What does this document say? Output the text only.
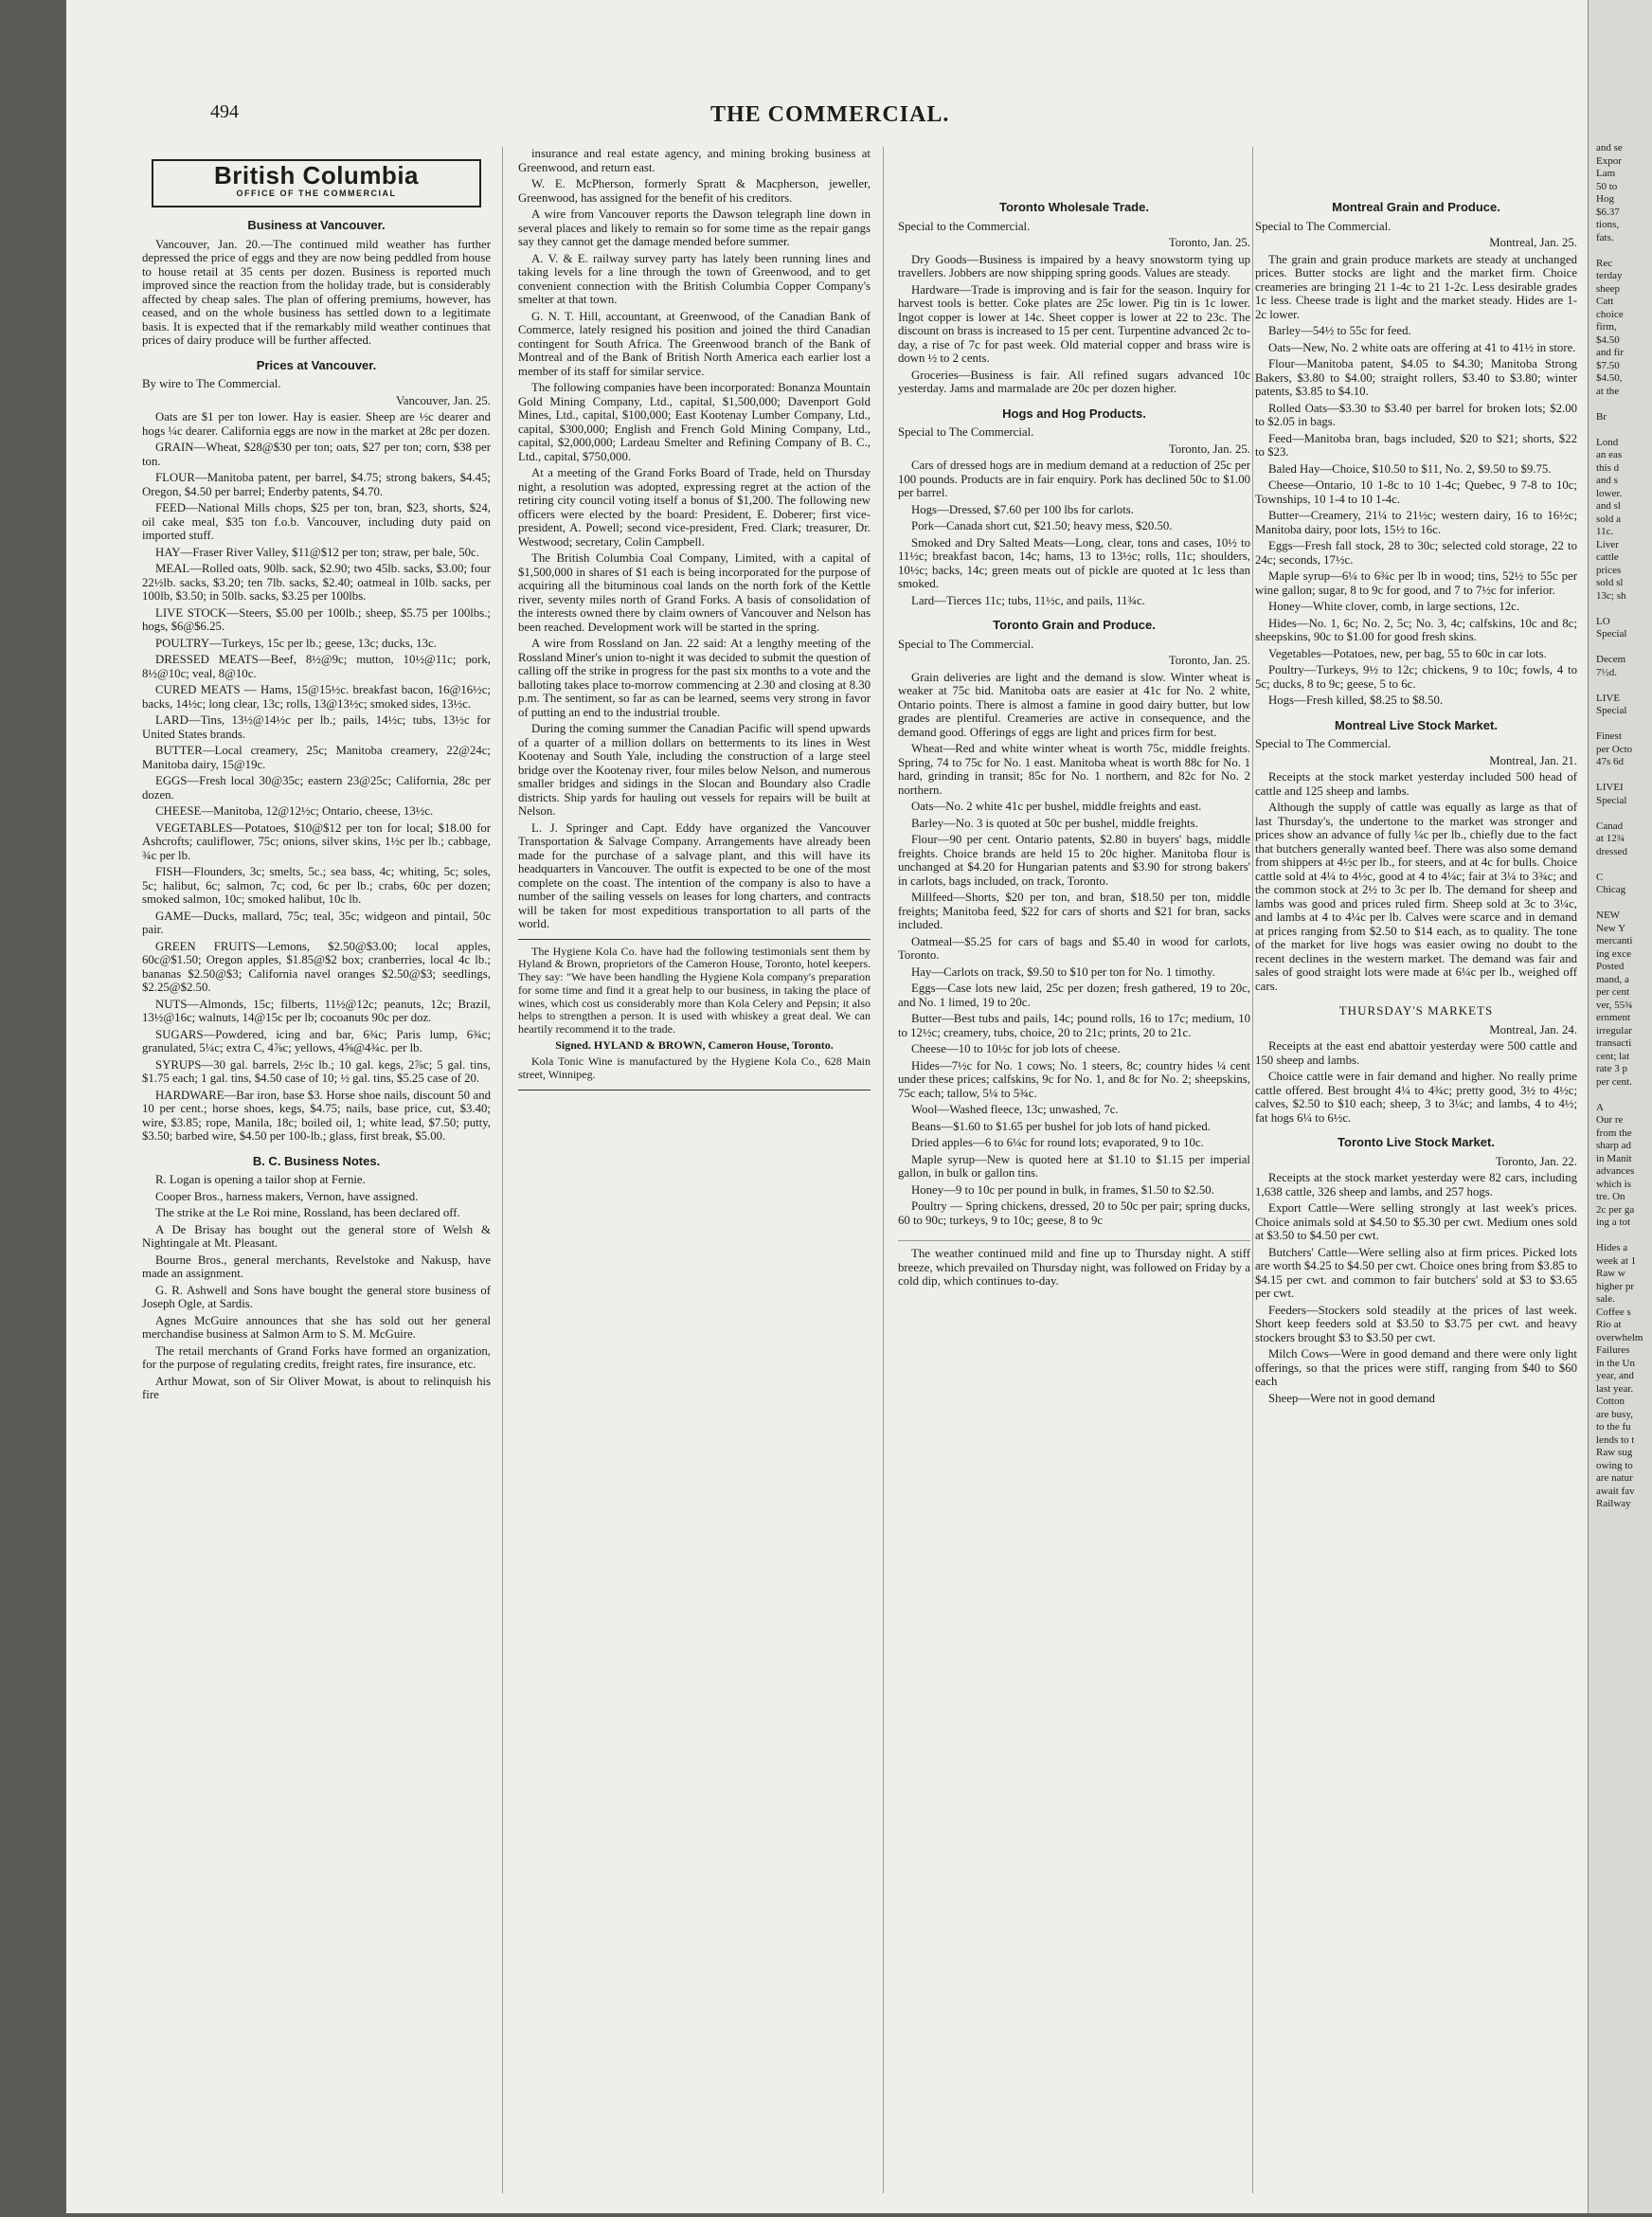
494	THE COMMERCIAL.
British Columbia
OFFICE OF THE COMMERCIAL
Business at Vancouver.

Vancouver, Jan. 20.—The continued mild weather has further depressed the price of eggs and they are now being peddled from house to house retail at 35 cents per dozen. Business is reported much improved since the reaction from the holiday trade, but is considerably affected by cheap sales. The plan of offering premiums, however, has ceased, and on the whole business has settled down to a legitimate basis. It is expected that if the remarkably mild weather continues that prices of dairy produce will be further affected.

Prices at Vancouver.

By wire to The Commercial.

Vancouver, Jan. 25.

Oats are $1 per ton lower. Hay is easier. Sheep are ½c dearer and hogs ¼c dearer. California eggs are now in the market at 28c per dozen.

GRAIN—Wheat, $28@$30 per ton; oats, $27 per ton; corn, $38 per ton.

FLOUR—Manitoba patent, per barrel, $4.75; strong bakers, $4.45; Oregon, $4.50 per barrel; Enderby patents, $4.70.

FEED—National Mills chops, $25 per ton, bran, $23, shorts, $24, oil cake meal, $35 ton f.o.b. Vancouver, including duty paid on imported stuff.

HAY—Fraser River Valley, $11@$12 per ton; straw, per bale, 50c.

MEAL—Rolled oats, 90lb. sack, $2.90; two 45lb. sacks, $3.00; four 22½lb. sacks, $3.20; ten 7lb. sacks, $2.40; oatmeal in 10lb. sacks, per 100lb, $3.50; in 50lb. sacks, $3.25 per 100lbs.

LIVE STOCK—Steers, $5.00 per 100lb.; sheep, $5.75 per 100lbs.; hogs, $6@$6.25.

POULTRY—Turkeys, 15c per lb.; geese, 13c; ducks, 13c.

DRESSED MEATS—Beef, 8½@9c; mutton, 10½@11c; pork, 8½@10c; veal, 8@10c.

CURED MEATS — Hams, 15@15½c. breakfast bacon, 16@16½c; backs, 14½c; long clear, 13c; rolls, 13@13½c; smoked sides, 13½c.

LARD—Tins, 13½@14½c per lb.; pails, 14½c; tubs, 13½c for United States brands.

BUTTER—Local creamery, 25c; Manitoba creamery, 22@24c; Manitoba dairy, 15@19c.

EGGS—Fresh local 30@35c; eastern 23@25c; California, 28c per dozen.

CHEESE—Manitoba, 12@12½c; Ontario, cheese, 13½c.

VEGETABLES—Potatoes, $10@$12 per ton for local; $18.00 for Ashcrofts; cauliflower, 75c; onions, silver skins, 1½c per lb.; cabbage, ¾c per lb.

FISH—Flounders, 3c; smelts, 5c.; sea bass, 4c; whiting, 5c; soles, 5c; halibut, 6c; salmon, 7c; cod, 6c per lb.; crabs, 60c per dozen; smoked salmon, 10c; smoked halibut, 10c lb.

GAME—Ducks, mallard, 75c; teal, 35c; widgeon and pintail, 50c pair.

GREEN FRUITS—Lemons, $2.50@$3.00; local apples, 60c@$1.50; Oregon apples, $1.85@$2 box; cranberries, local 4c lb.; bananas $2.50@$3; California navel oranges $2.50@$3; seedlings, $2.25@$2.50.

NUTS—Almonds, 15c; filberts, 11½@12c; peanuts, 12c; Brazil, 13½@16c; walnuts, 14@15c per lb; cocoanuts 90c per doz.

SUGARS—Powdered, icing and bar, 6¾c; Paris lump, 6¾c; granulated, 5¼c; extra C, 4⅞c; yellows, 4⅝@4¾c. per lb.

SYRUPS—30 gal. barrels, 2½c lb.; 10 gal. kegs, 2⅞c; 5 gal. tins, $1.75 each; 1 gal. tins, $4.50 case of 10; ½ gal. tins, $5.25 case of 20.

HARDWARE—Bar iron, base $3. Horse shoe nails, discount 50 and 10 per cent.; horse shoes, kegs, $4.75; nails, base price, cut, $3.40; wire, $3.85; rope, Manila, 18c; boiled oil, 1; white lead, $7.50; putty, $3.50; barbed wire, $4.50 per 100-lb.; glass, first break, $5.00.

B. C. Business Notes.

R. Logan is opening a tailor shop at Fernie.

Cooper Bros., harness makers, Vernon, have assigned.

The strike at the Le Roi mine, Rossland, has been declared off.

A De Brisay has bought out the general store of Welsh & Nightingale at Mt. Pleasant.

Bourne Bros., general merchants, Revelstoke and Nakusp, have made an assignment.

G. R. Ashwell and Sons have bought the general store business of Joseph Ogle, at Sardis.

Agnes McGuire announces that she has sold out her general merchandise business at Salmon Arm to S. M. McGuire.

The retail merchants of Grand Forks have formed an organization, for the purpose of regulating credits, freight rates, fire insurance, etc.

Arthur Mowat, son of Sir Oliver Mowat, is about to relinquish his fire

insurance and real estate agency, and mining broking business at Greenwood, and return east.

W. E. McPherson, formerly Spratt & Macpherson, jeweller, Greenwood, has assigned for the benefit of his creditors.

A wire from Vancouver reports the Dawson telegraph line down in several places and likely to remain so for some time as the repair gangs say they cannot get the damage mended before summer.

A. V. & E. railway survey party has lately been running lines and taking levels for a line through the town of Greenwood, and to get convenient connection with the British Columbia Copper Company's smelter at that town.

G. N. T. Hill, accountant, at Greenwood, of the Canadian Bank of Commerce, lately resigned his position and joined the third Canadian contingent for South Africa. The Greenwood branch of the Bank of Montreal and of the Bank of British North America each earlier lost a member of its staff for similar service.

The following companies have been incorporated: Bonanza Mountain Gold Mining Company, Ltd., capital, $1,500,000; Davenport Gold Mines, Ltd., capital, $100,000; East Kootenay Lumber Company, Ltd., capital, $300,000; English and French Gold Mining Company, Ltd., capital, $2,000,000; Lardeau Smelter and Refining Company of B. C., Ltd., capital, $750,000.

At a meeting of the Grand Forks Board of Trade, held on Thursday night, a resolution was adopted, expressing regret at the action of the retiring city council voting itself a bonus of $1,200. The following new officers were elected by the board: President, E. Doberer; first vice-president, A. Powell; second vice-president, Fred. Clark; treasurer, Dr. Westwood; secretary, Colin Campbell.

The British Columbia Coal Company, Limited, with a capital of $1,500,000 in shares of $1 each is being incorporated for the purpose of acquiring all the bituminous coal lands on the north fork of the Kettle river, seventy miles north of Grand Forks. A basis of consolidation of the interests owned there by claim owners of Vancouver and Nelson has been reached. Development work will be started in the spring.

A wire from Rossland on Jan. 22 said: At a lengthy meeting of the Rossland Miner's union to-night it was decided to submit the question of calling off the strike in progress for the past six months to a vote and the balloting takes place to-morrow commencing at 2.30 and closing at 8.30 p.m. The sentiment, so far as can be learned, seems very strong in favor of putting an end to the industrial trouble.

During the coming summer the Canadian Pacific will spend upwards of a quarter of a million dollars on betterments to its lines in West Kootenay and South Yale, including the construction of a large steel bridge over the Kootenay river, four miles below Nelson, and numerous smaller bridges and sidings in the Slocan and Boundary also Cradle districts. Ship yards for hauling out vessels for repairs will be built at Nelson.

L. J. Springer and Capt. Eddy have organized the Vancouver Transportation & Salvage Company. Arrangements have already been made for the purchase of a salvage plant, and this will have its headquarters in Vancouver. The outfit is expected to be one of the most complete on the coast. The intention of the company is also to have a number of the sailing vessels on leases for long charters, and contracts will be taken for most expeditious transportation to all parts of the world.

The Hygiene Kola Co. have had the following testimonials sent them by Hyland & Brown, proprietors of the Cameron House, Toronto, hotel keepers. They say: "We have been handling the Hygiene Kola company's preparation for some time and find it a great help to our business, in taking the place of wines, which cost us considerably more than Kola Celery and Pepsin; it also helps to strengthen a person. It is used with whiskey a great deal. We can heartily recommend it to the trade.

Signed. HYLAND & BROWN, Cameron House, Toronto.

Kola Tonic Wine is manufactured by the Hygiene Kola Co., 628 Main street, Winnipeg.

Toronto Wholesale Trade.

Special to the Commercial.

Toronto, Jan. 25.

Dry Goods—Business is impaired by a heavy snowstorm tying up travellers. Jobbers are now shipping spring goods. Values are steady.

Hardware—Trade is improving and is fair for the season. Inquiry for harvest tools is better. Coke plates are 25c lower. Pig tin is 1c lower. Ingot copper is lower at 14c. Sheet copper is lower at 22 to 23c. The discount on brass is increased to 15 per cent. Turpentine advanced 2c to-day, a rise of 7c for past week. Old material copper and brass wire is down ½ to 2 cents.

Groceries—Business is fair. All refined sugars advanced 10c yesterday. Jams and marmalade are 20c per dozen higher.

Hogs and Hog Products.

Special to The Commercial.

Toronto, Jan. 25.

Cars of dressed hogs are in medium demand at a reduction of 25c per 100 pounds. Products are in fair enquiry. Pork has declined 50c to $1.00 per barrel.

Hogs—Dressed, $7.60 per 100 lbs for carlots.

Pork—Canada short cut, $21.50; heavy mess, $20.50.

Smoked and Dry Salted Meats—Long, clear, tons and cases, 10½ to 11½c; breakfast bacon, 14c; hams, 13 to 13½c; rolls, 11c; shoulders, 10½c; backs, 14c; green meats out of pickle are quoted at 1c less than smoked.

Lard—Tierces 11c; tubs, 11½c, and pails, 11¾c.

Toronto Grain and Produce.

Special to The Commercial.

Toronto, Jan. 25.

Grain deliveries are light and the demand is slow. Winter wheat is weaker at 75c bid. Manitoba oats are easier at 41c for No. 2 white, Ontario points. There is almost a famine in good dairy butter, but low grades are plentiful. Creameries are active in consequence, and the demand good. Offerings of eggs are light and prices firm for best.

Wheat—Red and white winter wheat is worth 75c, middle freights. Spring, 74 to 75c for No. 1 east. Manitoba wheat is worth 88c for No. 1 hard, grinding in transit; 85c for No. 1 northern, and 82c for No. 2 northern.

Oats—No. 2 white 41c per bushel, middle freights and east.

Barley—No. 3 is quoted at 50c per bushel, middle freights.

Flour—90 per cent. Ontario patents, $2.80 in buyers' bags, middle freights. Choice brands are held 15 to 20c higher. Manitoba flour is unchanged at $4.20 for Hungarian patents and $3.90 for strong bakers' in carlots, bags included, on track, Toronto.

Millfeed—Shorts, $20 per ton, and bran, $18.50 per ton, middle freights; Manitoba feed, $22 for cars of shorts and $21 for bran, sacks included.

Oatmeal—$5.25 for cars of bags and $5.40 in wood for carlots, Toronto.

Hay—Carlots on track, $9.50 to $10 per ton for No. 1 timothy.

Eggs—Case lots new laid, 25c per dozen; fresh gathered, 19 to 20c, and No. 1 limed, 19 to 20c.

Butter—Best tubs and pails, 14c; pound rolls, 16 to 17c; medium, 10 to 12½c; creamery, tubs, choice, 20 to 21c; prints, 20 to 21c.

Cheese—10 to 10½c for job lots of cheese.

Hides—7½c for No. 1 cows; No. 1 steers, 8c; country hides ¼ cent under these prices; calfskins, 9c for No. 1, and 8c for No. 2; sheepskins, 75c each; tallow, 5¼ to 5¾c.

Wool—Washed fleece, 13c; unwashed, 7c.

Beans—$1.60 to $1.65 per bushel for job lots of hand picked.

Dried apples—6 to 6¼c for round lots; evaporated, 9 to 10c.

Maple syrup—New is quoted here at $1.10 to $1.15 per imperial gallon, in bulk or gallon tins.

Honey—9 to 10c per pound in bulk, in frames, $1.50 to $2.50.

Poultry — Spring chickens, dressed, 20 to 50c per pair; spring ducks, 60 to 90c; turkeys, 9 to 10c; geese, 8 to 9c

The weather continued mild and fine up to Thursday night. A stiff breeze, which prevailed on Thursday night, was followed on Friday by a cold dip, which continues to-day.

Montreal Grain and Produce.

Special to The Commercial.

Montreal, Jan. 25.

The grain and grain produce markets are steady at unchanged prices. Butter stocks are light and the market firm. Choice creameries are bringing 21 1-4c to 21 1-2c. Less desirable grades 1c less. Cheese trade is light and the market steady. Hides are 1-2c lower.

Barley—54½ to 55c for feed.

Oats—New, No. 2 white oats are offering at 41 to 41½ in store.

Flour—Manitoba patent, $4.05 to $4.30; Manitoba Strong Bakers, $3.80 to $4.00; straight rollers, $3.40 to $3.80; winter patents, $3.85 to $4.10.

Rolled Oats—$3.30 to $3.40 per barrel for broken lots; $2.00 to $2.05 in bags.

Feed—Manitoba bran, bags included, $20 to $21; shorts, $22 to $23.

Baled Hay—Choice, $10.50 to $11, No. 2, $9.50 to $9.75.

Cheese—Ontario, 10 1-8c to 10 1-4c; Quebec, 9 7-8 to 10c; Townships, 10 1-4 to 10 1-4c.

Butter—Creamery, 21¼ to 21½c; western dairy, 16 to 16½c; Manitoba dairy, poor lots, 15½ to 16c.

Eggs—Fresh fall stock, 28 to 30c; selected cold storage, 22 to 24c; seconds, 17½c.

Maple syrup—6¼ to 6¾c per lb in wood; tins, 52½ to 55c per wine gallon; sugar, 8 to 9c for good, and 7 to 7½c for inferior.

Honey—White clover, comb, in large sections, 12c.

Hides—No. 1, 6c; No. 2, 5c; No. 3, 4c; calfskins, 10c and 8c; sheepskins, 90c to $1.00 for good fresh skins.

Vegetables—Potatoes, new, per bag, 55 to 60c in car lots.

Poultry—Turkeys, 9½ to 12c; chickens, 9 to 10c; fowls, 4 to 5c; ducks, 8 to 9c; geese, 5 to 6c.

Hogs—Fresh killed, $8.25 to $8.50.

Montreal Live Stock Market.

Special to The Commercial.

Montreal, Jan. 21.

Receipts at the stock market yesterday included 500 head of cattle and 125 sheep and lambs.

Although the supply of cattle was equally as large as that of last Thursday's, the undertone to the market was stronger and prices show an advance of fully ¼c per lb., chiefly due to the fact that butchers generally wanted beef. There was also some demand from shippers at 4½c per lb., for steers, and at 4c for bulls. Choice cattle sold at 4¼ to 4½c, good at 4 to 4¼c; fair at 3¼ to 3¾c; and the common stock at 2½ to 3c per lb. The demand for sheep and lambs was good and prices ruled firm. Sheep sold at 3c to 3¼c, and lambs at 4 to 4¼c per lb. Calves were scarce and in demand at prices ranging from $2.50 to $14 each, as to quality. The tone of the market for live hogs was easier owing no doubt to the recent declines in the western market. The demand was fair and sales of good straight lots were made at 6¼c per lb., weighed off cars.

THURSDAY'S MARKETS

Montreal, Jan. 24.

Receipts at the east end abattoir yesterday were 500 cattle and 150 sheep and lambs.

Choice cattle were in fair demand and higher. No really prime cattle offered. Best brought 4¼ to 4¾c; pretty good, 3½ to 4½c; calves, $2.50 to $10 each; sheep, 3 to 3¼c; and lambs, 4 to 4½; fat hogs 6¼ to 6½c.

Toronto Live Stock Market.

Toronto, Jan. 22.

Receipts at the stock market yesterday were 82 cars, including 1,638 cattle, 326 sheep and lambs, and 257 hogs.

Export Cattle—Were selling strongly at last week's prices. Choice animals sold at $4.50 to $5.30 per cwt. Medium ones sold at $3.50 to $4.50 per cwt.

Butchers' Cattle—Were selling also at firm prices. Picked lots are worth $4.25 to $4.50 per cwt. Choice ones bring from $3.85 to $4.15 per cwt. and common to fair butchers' sold at $3 to $3.65 per cwt.

Feeders—Stockers sold steadily at the prices of last week. Short keep feeders sold at $3.50 to $3.75 per cwt. and heavy stockers brought $3 to $3.50 per cwt.

Milch Cows—Were in good demand and there were only light offerings, so that the prices were stiff, ranging from $40 to $60 each

Sheep—Were not in good demand

and se
Expor
Lam
50 to
Hog
$6.37
tions,
fats.
Rec
terday
sheep
Catt
choice
firm,
$4.50
and fir
$7.50
$4.50,
at the
Br
Lond
an eas
this d
and s
lower.
and sl
sold a
11c.
Liver
cattle
prices
sold sl
13c; sh
LO
Special
Decem
7½d.
LIVE
Special
Finest
per Octo
47s 6d
LIVEI
Special
Canad
at 12¾
dressed
C
Chicag
NEW
New Y
mercanti
ing exce
Posted
mand, a
per cent
ver, 55¾
ernment
irregular
transacti
cent; lat
rate 3 p
per cent.
A
Our re
from the
sharp ad
in Manit
advances
which is
tre. On
2c per ga
ing a tot
Hides a
week at 1
Raw w
higher pr
sale.
Coffee s
Rio at
overwhelm
Failures
in the Un
year, and
last year.
Cotton
are busy,
to the fu
lends to t
Raw sug
owing to
are natur
await fav
Railway
